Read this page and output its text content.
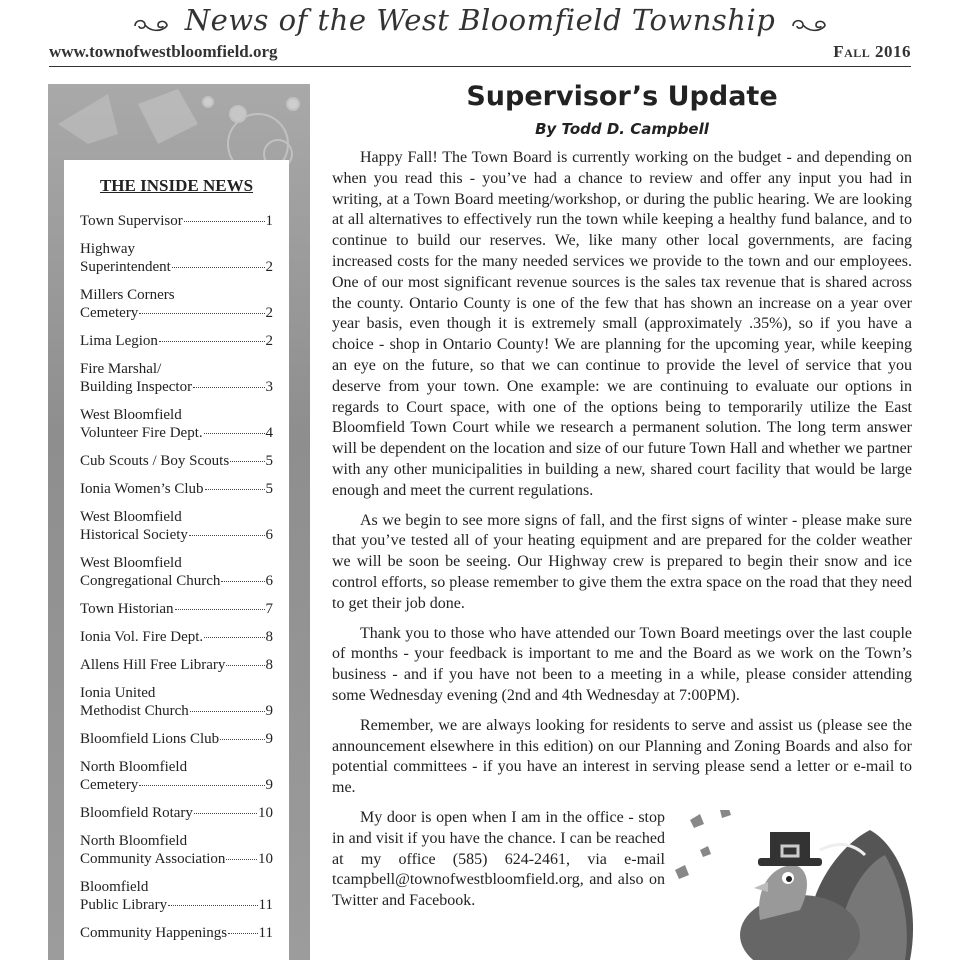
News of the West Bloomfield Township
www.townofwestbloomfield.org	Fall 2016
THE INSIDE NEWS
Town Supervisor	1
Highway
Superintendent	2
Millers Corners
Cemetery	2
Lima Legion	2
Fire Marshal/
Building Inspector	3
West Bloomfield
Volunteer Fire Dept.	4
Cub Scouts / Boy Scouts 5
Ionia Women’s Club	5
West Bloomfield
Historical Society	6
West Bloomfield
Congregational Church	6
Town Historian	7
Ionia Vol. Fire Dept.	8
Allens Hill Free Library	8
Ionia United
Methodist Church	9
Bloomfield Lions Club	9
North Bloomfield
Cemetery	9
Bloomfield Rotary	10
North Bloomfield
Community Association 10
Bloomfield
Public Library	11
Community Happenings 11
Supervisor’s Update
By Todd D. Campbell

Happy Fall! The Town Board is currently working on the budget - and depending on when you read this - you’ve had a chance to review and offer any input you had in writing, at a Town Board meeting/workshop, or during the public hearing. We are looking at all alternatives to effectively run the town while keeping a healthy fund balance, and to continue to build our reserves. We, like many other local governments, are facing increased costs for the many needed services we provide to the town and our employees. One of our most significant revenue sources is the sales tax revenue that is shared across the county. Ontario County is one of the few that has shown an increase on a year over year basis, even though it is extremely small (approximately .35%), so if you have a choice - shop in Ontario County! We are planning for the upcoming year, while keeping an eye on the future, so that we can continue to provide the level of service that you deserve from your town. One example: we are continuing to evaluate our options in regards to Court space, with one of the options being to temporarily utilize the East Bloomfield Town Court while we research a permanent solution. The long term answer will be dependent on the location and size of our future Town Hall and whether we partner with any other municipalities in building a new, shared court facility that would be large enough and meet the current regulations.

As we begin to see more signs of fall, and the first signs of winter - please make sure that you’ve tested all of your heating equipment and are prepared for the colder weather we will be soon be seeing. Our Highway crew is prepared to begin their snow and ice control efforts, so please remember to give them the extra space on the road that they need to get their job done.

Thank you to those who have attended our Town Board meetings over the last couple of months - your feedback is important to me and the Board as we work on the Town’s business - and if you have not been to a meeting in a while, please consider attending some Wednesday evening (2nd and 4th Wednesday at 7:00PM).

Remember, we are always looking for residents to serve and assist us (please see the announcement elsewhere in this edition) on our Planning and Zoning Boards and also for potential committees - if you have an interest in serving please send a letter or e-mail to me.

My door is open when I am in the office - stop in and visit if you have the chance. I can be reached at my office (585) 624-2461, via e-mail tcampbell@townofwestbloomfield.org, and also on Twitter and Facebook.
